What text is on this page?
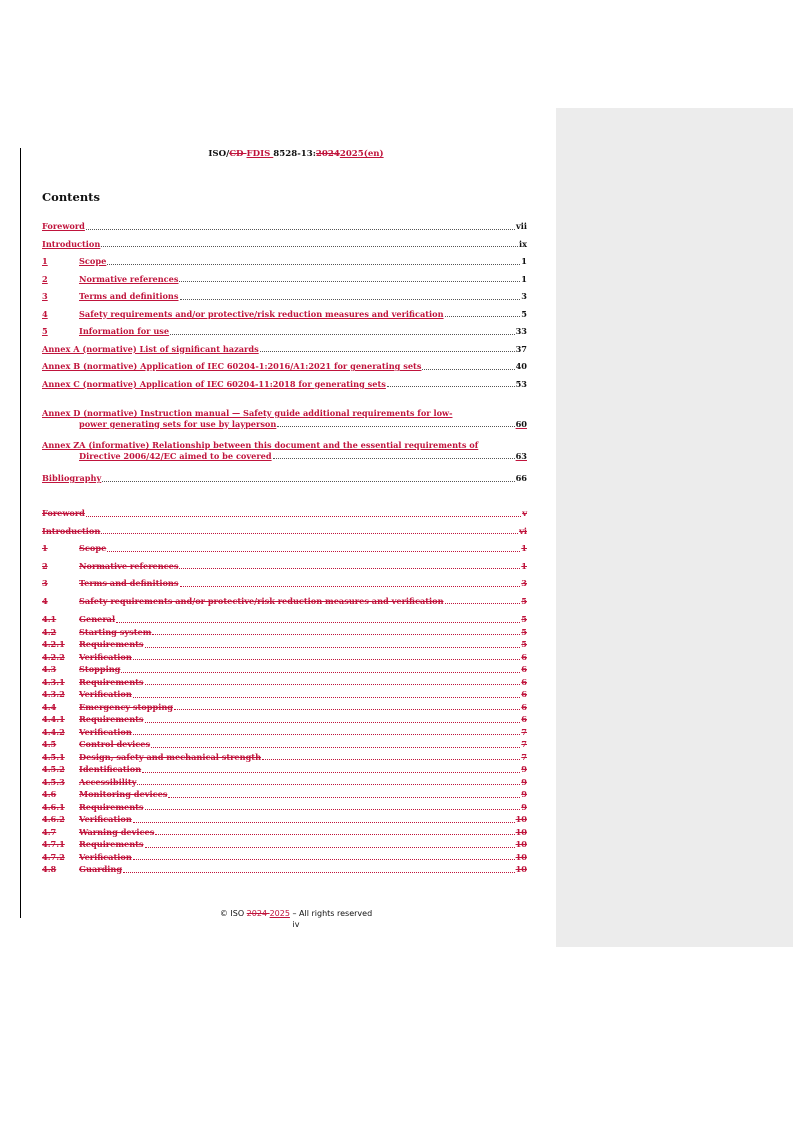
ISO/CD FDIS 8528-13:20242025(en)
Contents
Foreword	vii
Introduction	ix
1	Scope	1
2	Normative references	1
3	Terms and definitions	3
4	Safety requirements and/or protective/risk reduction measures and verification	5
5	Information for use	33
Annex A (normative) List of significant hazards	37
Annex B (normative) Application of IEC 60204-1:2016/A1:2021 for generating sets	40
Annex C (normative) Application of IEC 60204-11:2018 for generating sets	53
Annex D (normative) Instruction manual — Safety guide additional requirements for low-
power generating sets for use by layperson	60
Annex ZA (informative) Relationship between this document and the essential requirements of
Directive 2006/42/EC aimed to be covered	63
Bibliography	66
Foreword	v
Introduction	vi
1	Scope	1
2	Normative references	1
3	Terms and definitions	3
4	Safety requirements and/or protective/risk reduction measures and verification	5
4.1	General	5
4.2	Starting system	5
4.2.1	Requirements	5
4.2.2	Verification	6
4.3	Stopping	6
4.3.1	Requirements	6
4.3.2	Verification	6
4.4	Emergency stopping	6
4.4.1	Requirements	6
4.4.2	Verification	7
4.5	Control devices	7
4.5.1	Design, safety and mechanical strength	7
4.5.2	Identification	9
4.5.3	Accessibility	9
4.6	Monitoring devices	9
4.6.1	Requirements	9
4.6.2	Verification	10
4.7	Warning devices	10
4.7.1	Requirements	10
4.7.2	Verification	10
4.8	Guarding	10
© ISO 2024 2025 – All rights reserved
iv
